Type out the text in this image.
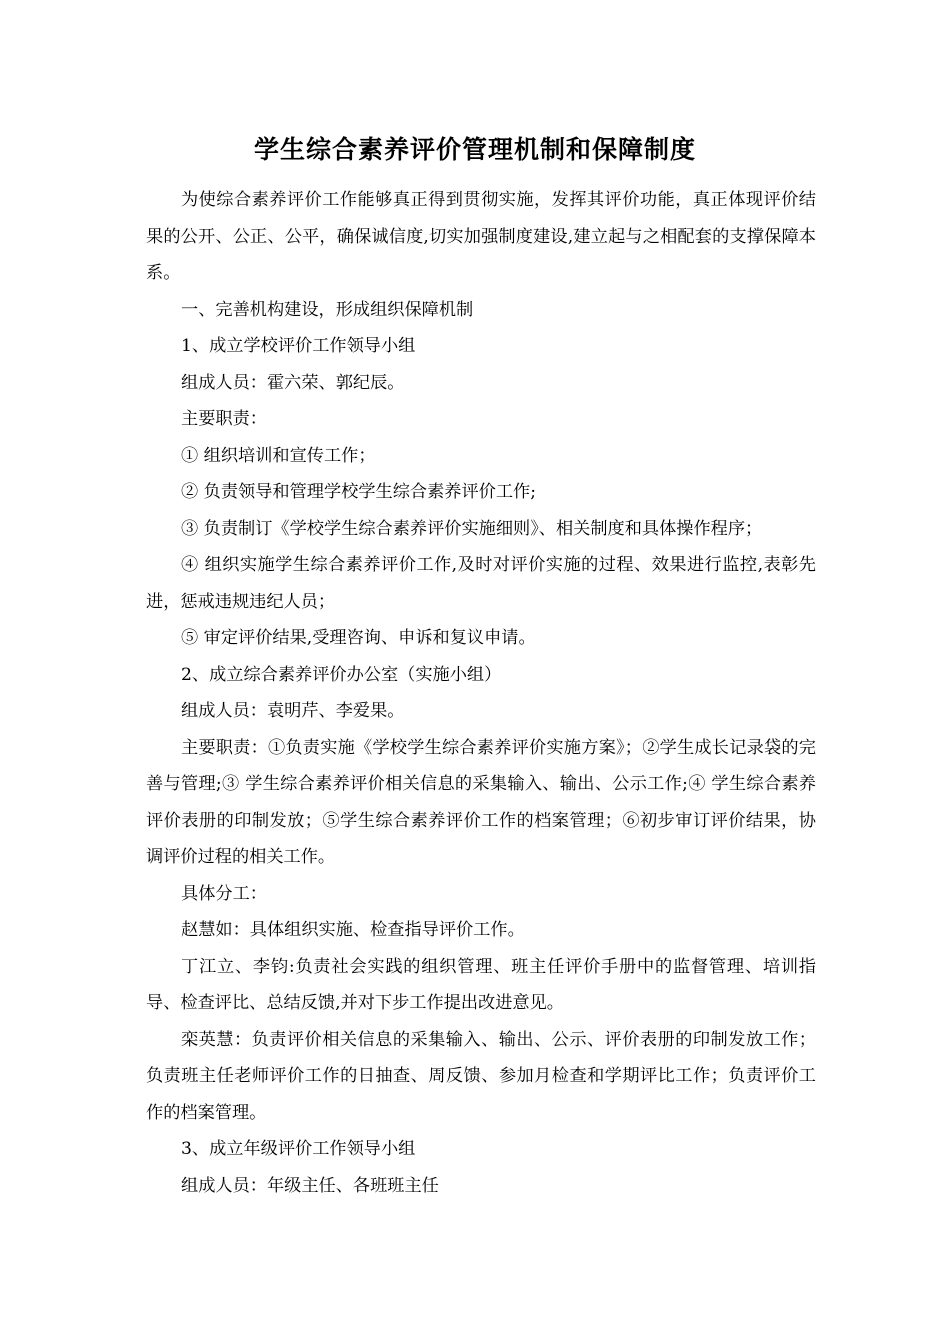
学生综合素养评价管理机制和保障制度

为使综合素养评价工作能够真正得到贯彻实施，发挥其评价功能，真正体现评价结果的公开、公正、公平，确保诚信度,切实加强制度建设,建立起与之相配套的支撑保障本系。

一、完善机构建设，形成组织保障机制

1、成立学校评价工作领导小组

组成人员：霍六荣、郭纪辰。

主要职责：

① 组织培训和宣传工作；

② 负责领导和管理学校学生综合素养评价工作;

③ 负责制订《学校学生综合素养评价实施细则》、相关制度和具体操作程序；

④ 组织实施学生综合素养评价工作,及时对评价实施的过程、效果进行监控,表彰先进，惩戒违规违纪人员；

⑤ 审定评价结果,受理咨询、申诉和复议申请。

2、成立综合素养评价办公室（实施小组）

组成人员：袁明芹、李爱果。

主要职责：①负责实施《学校学生综合素养评价实施方案》；②学生成长记录袋的完善与管理;③ 学生综合素养评价相关信息的采集输入、输出、公示工作;④ 学生综合素养评价表册的印制发放；⑤学生综合素养评价工作的档案管理；⑥初步审订评价结果，协调评价过程的相关工作。

具体分工：

赵慧如：具体组织实施、检查指导评价工作。

丁江立、李钧:负责社会实践的组织管理、班主任评价手册中的监督管理、培训指导、检查评比、总结反馈,并对下步工作提出改进意见。

栾英慧：负责评价相关信息的采集输入、输出、公示、评价表册的印制发放工作；负责班主任老师评价工作的日抽查、周反馈、参加月检查和学期评比工作；负责评价工作的档案管理。

3、成立年级评价工作领导小组

组成人员：年级主任、各班班主任
